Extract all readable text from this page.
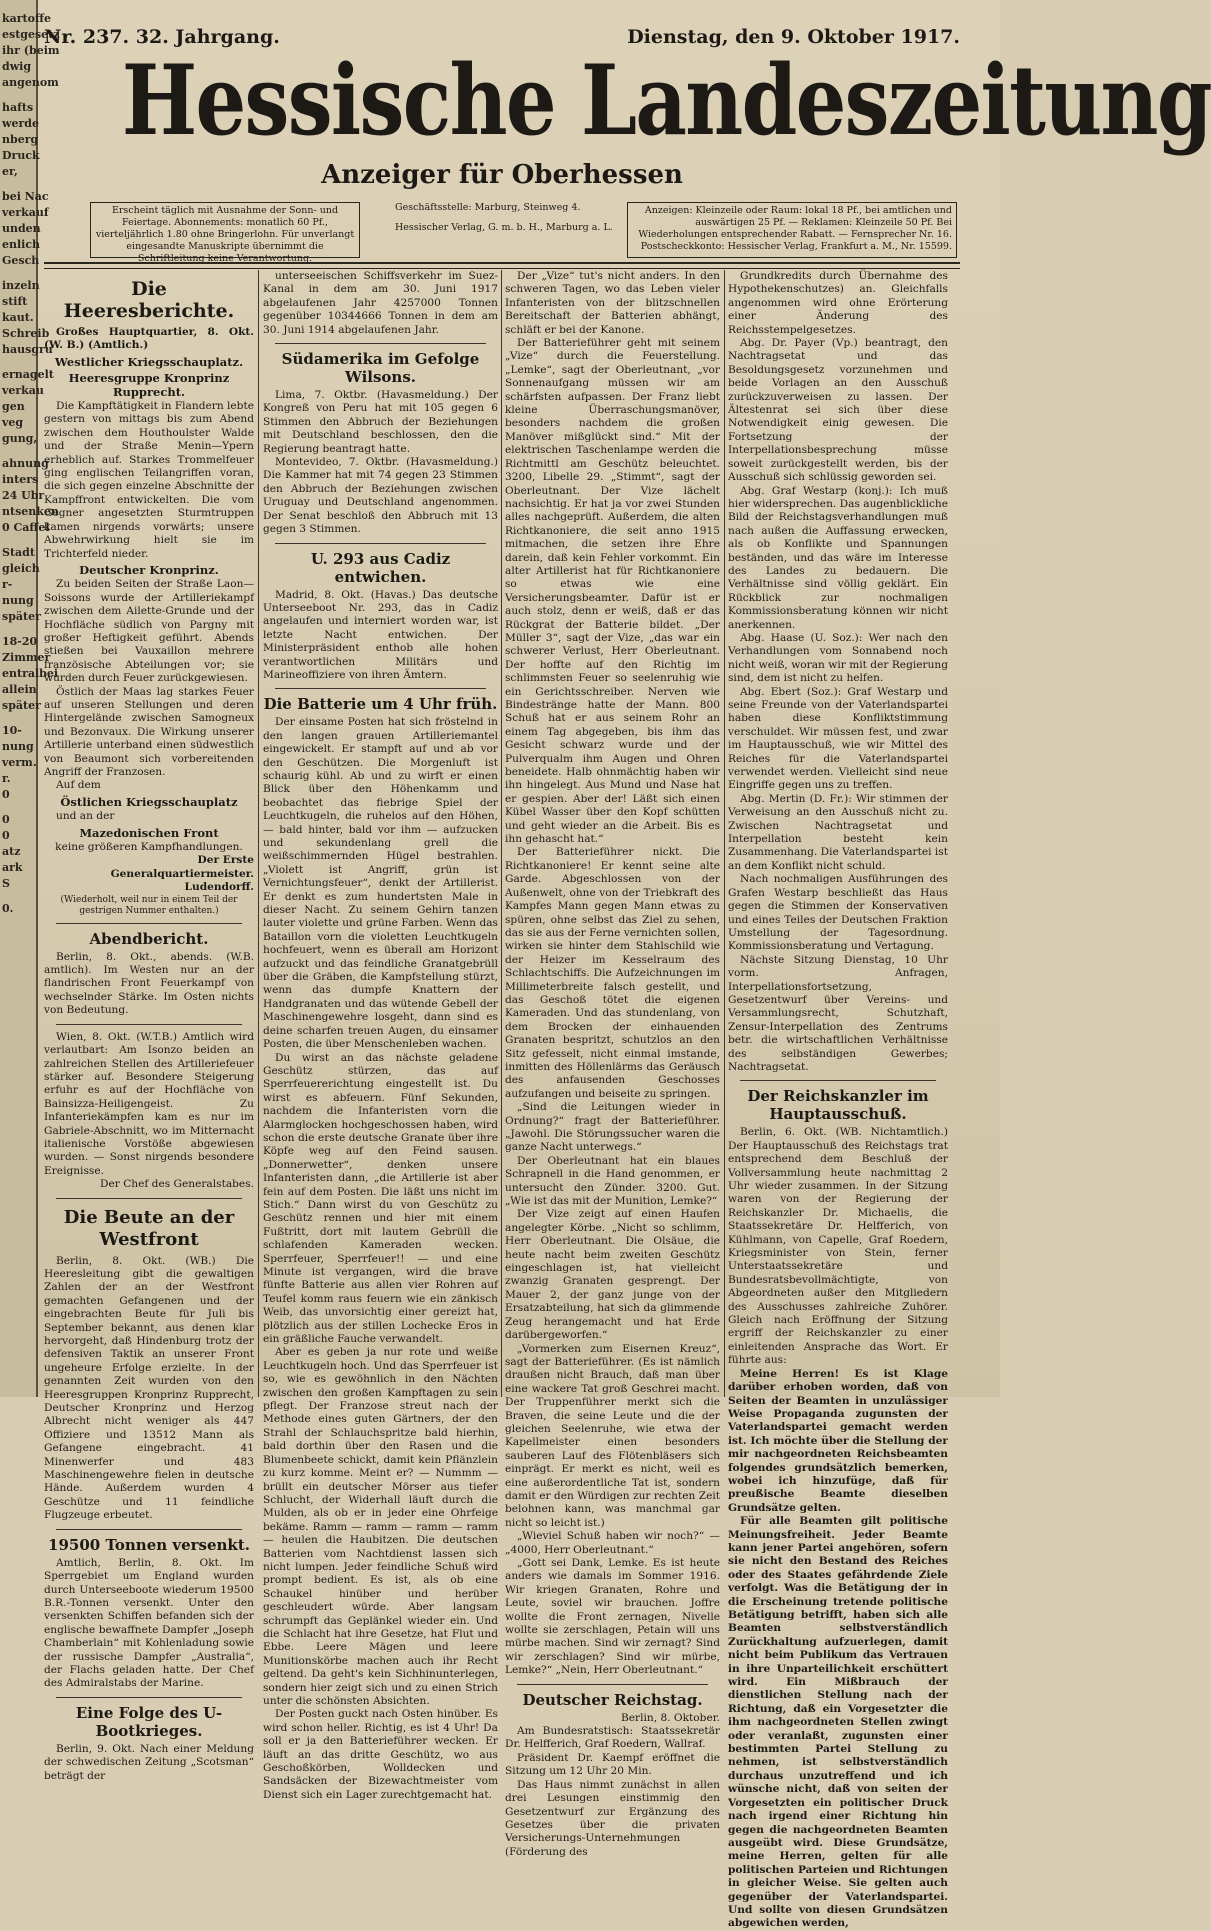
kartoffe
estgesetz
ihr (beim
dwig
angenom
hafts
werde
nberg
Druck
er,
bei Nac
verkauf
unden
enlich
Gesch
inzeln
stift
kaut.
Schreib
hausgru
ernagelt
verkau
gen
veg
gung,
ahnung
inters
24 Ubr
ntsenken
0 Caffel
Stadt
gleich
r-
nung
später
18-20
Zimmer
entralbei
allein
später
10-
nung
verm.
r.
0
0
0
atz
ark
S
0.
Nr. 237. 32. Jahrgang.	Dienstag, den 9. Oktober 1917.
Hessische Landeszeitung
Anzeiger für Oberhessen
Erscheint täglich mit Ausnahme der Sonn- und Feiertage. Abonnements: monatlich 60 Pf., vierteljährlich 1.80 ohne Bringerlohn. Für unverlangt eingesandte Manuskripte übernimmt die Schriftleitung keine Verantwortung.
Geschäftsstelle: Marburg, Steinweg 4.
Hessischer Verlag, G. m. b. H., Marburg a. L.
Anzeigen: Kleinzeile oder Raum: lokal 18 Pf., bei amtlichen und auswärtigen 25 Pf. — Reklamen: Kleinzeile 50 Pf. Bei Wiederholungen entsprechender Rabatt. — Fernsprecher Nr. 16. Postscheckkonto: Hessischer Verlag, Frankfurt a. M., Nr. 15599.
Die Heeresberichte.

Großes Hauptquartier, 8. Okt. (W. B.) (Amtlich.)

Westlicher Kriegsschauplatz.
Heeresgruppe Kronprinz Rupprecht.

Die Kampftätigkeit in Flandern lebte gestern von mittags bis zum Abend zwischen dem Houthoulster Walde und der Straße Menin—Ypern erheblich auf. Starkes Trommelfeuer ging englischen Teilangriffen voran, die sich gegen einzelne Abschnitte der Kampffront entwickelten. Die vom Gegner angesetzten Sturmtruppen kamen nirgends vorwärts; unsere Abwehrwirkung hielt sie im Trichterfeld nieder.

Deutscher Kronprinz.

Zu beiden Seiten der Straße Laon—Soissons wurde der Artilleriekampf zwischen dem Ailette-Grunde und der Hochfläche südlich von Pargny mit großer Heftigkeit geführt. Abends stießen bei Vauxaillon mehrere französische Abteilungen vor; sie wurden durch Feuer zurückgewiesen.

Östlich der Maas lag starkes Feuer auf unseren Stellungen und deren Hintergelände zwischen Samogneux und Bezonvaux. Die Wirkung unserer Artillerie unterband einen südwestlich von Beaumont sich vorbereitenden Angriff der Franzosen.

Auf dem

Östlichen Kriegsschauplatz

und an der

Mazedonischen Front

keine größeren Kampfhandlungen.

Der Erste Generalquartiermeister. Ludendorff.

(Wiederholt, weil nur in einem Teil der gestrigen Nummer enthalten.)

Abendbericht.

Berlin, 8. Okt., abends. (W.B. amtlich). Im Westen nur an der flandrischen Front Feuerkampf von wechselnder Stärke. Im Osten nichts von Bedeutung.

Wien, 8. Okt. (W.T.B.) Amtlich wird verlautbart: Am Isonzo beiden an zahlreichen Stellen des Artilleriefeuer stärker auf. Besondere Steigerung erfuhr es auf der Hochfläche von Bainsizza-Heiligengeist. Zu Infanteriekämpfen kam es nur im Gabriele-Abschnitt, wo im Mitternacht italienische Vorstöße abgewiesen wurden. — Sonst nirgends besondere Ereignisse.

Der Chef des Generalstabes.

Die Beute an der Westfront

Berlin, 8. Okt. (WB.) Die Heeresleitung gibt die gewaltigen Zahlen der an der Westfront gemachten Gefangenen und der eingebrachten Beute für Juli bis September bekannt, aus denen klar hervorgeht, daß Hindenburg trotz der defensiven Taktik an unserer Front ungeheure Erfolge erzielte. In der genannten Zeit wurden von den Heeresgruppen Kronprinz Rupprecht, Deutscher Kronprinz und Herzog Albrecht nicht weniger als 447 Offiziere und 13512 Mann als Gefangene eingebracht. 41 Minenwerfer und 483 Maschinengewehre fielen in deutsche Hände. Außerdem wurden 4 Geschütze und 11 feindliche Flugzeuge erbeutet.

19500 Tonnen versenkt.

Amtlich, Berlin, 8. Okt. Im Sperrgebiet um England wurden durch Unterseeboote wiederum 19500 B.R.-Tonnen versenkt. Unter den versenkten Schiffen befanden sich der englische bewaffnete Dampfer „Joseph Chamberlain“ mit Kohlenladung sowie der russische Dampfer „Australia“, der Flachs geladen hatte. Der Chef des Admiralstabs der Marine.

Eine Folge des U-Bootkrieges.

Berlin, 9. Okt. Nach einer Meldung der schwedischen Zeitung „Scotsman“ beträgt der

unterseeischen Schiffsverkehr im Suez-Kanal in dem am 30. Juni 1917 abgelaufenen Jahr 4257000 Tonnen gegenüber 10344666 Tonnen in dem am 30. Juni 1914 abgelaufenen Jahr.

Südamerika im Gefolge Wilsons.

Lima, 7. Oktbr. (Havasmeldung.) Der Kongreß von Peru hat mit 105 gegen 6 Stimmen den Abbruch der Beziehungen mit Deutschland beschlossen, den die Regierung beantragt hatte.

Montevideo, 7. Oktbr. (Havasmeldung.) Die Kammer hat mit 74 gegen 23 Stimmen den Abbruch der Beziehungen zwischen Uruguay und Deutschland angenommen. Der Senat beschloß den Abbruch mit 13 gegen 3 Stimmen.

U. 293 aus Cadiz entwichen.

Madrid, 8. Okt. (Havas.) Das deutsche Unterseeboot Nr. 293, das in Cadiz angelaufen und interniert worden war, ist letzte Nacht entwichen. Der Ministerpräsident enthob alle hohen verantwortlichen Militärs und Marineoffiziere von ihren Ämtern.

Die Batterie um 4 Uhr früh.

Der einsame Posten hat sich fröstelnd in den langen grauen Artilleriemantel eingewickelt. Er stampft auf und ab vor den Geschützen. Die Morgenluft ist schaurig kühl. Ab und zu wirft er einen Blick über den Höhenkamm und beobachtet das fiebrige Spiel der Leuchtkugeln, die ruhelos auf den Höhen, — bald hinter, bald vor ihm — aufzucken und sekundenlang grell die weißschimmernden Hügel bestrahlen. „Violett ist Angriff, grün ist Vernichtungsfeuer“, denkt der Artillerist. Er denkt es zum hundertsten Male in dieser Nacht. Zu seinem Gehirn tanzen lauter violette und grüne Farben. Wenn das Bataillon vorn die violetten Leuchtkugeln hochfeuert, wenn es überall am Horizont aufzuckt und das feindliche Granatgebrüll über die Gräben, die Kampfstellung stürzt, wenn das dumpfe Knattern der Handgranaten und das wütende Gebell der Maschinengewehre losgeht, dann sind es deine scharfen treuen Augen, du einsamer Posten, die über Menschenleben wachen.

Du wirst an das nächste geladene Geschütz stürzen, das auf Sperrfeuererichtung eingestellt ist. Du wirst es abfeuern. Fünf Sekunden, nachdem die Infanteristen vorn die Alarmglocken hochgeschossen haben, wird schon die erste deutsche Granate über ihre Köpfe weg auf den Feind sausen. „Donnerwetter“, denken unsere Infanteristen dann, „die Artillerie ist aber fein auf dem Posten. Die läßt uns nicht im Stich.“ Dann wirst du von Geschütz zu Geschütz rennen und hier mit einem Fußtritt, dort mit lautem Gebrüll die schlafenden Kameraden wecken. Sperrfeuer, Sperrfeuer!! — und eine Minute ist vergangen, wird die brave fünfte Batterie aus allen vier Rohren auf Teufel komm raus feuern wie ein zänkisch Weib, das unvorsichtig einer gereizt hat, plötzlich aus der stillen Lochecke Eros in ein gräßliche Fauche verwandelt.

Aber es geben ja nur rote und weiße Leuchtkugeln hoch. Und das Sperrfeuer ist so, wie es gewöhnlich in den Nächten zwischen den großen Kampftagen zu sein pflegt. Der Franzose streut nach der Methode eines guten Gärtners, der den Strahl der Schlauchspritze bald hierhin, bald dorthin über den Rasen und die Blumenbeete schickt, damit kein Pflänzlein zu kurz komme. Meint er? — Nummm — brüllt ein deutscher Mörser aus tiefer Schlucht, der Widerhall läuft durch die Mulden, als ob er in jeder eine Ohrfeige bekäme. Ramm — ramm — ramm — ramm — heulen die Haubitzen. Die deutschen Batterien vom Nachtdienst lassen sich nicht lumpen. Jeder feindliche Schuß wird prompt bedient. Es ist, als ob eine Schaukel hinüber und herüber geschleudert würde. Aber langsam schrumpft das Geplänkel wieder ein. Und die Schlacht hat ihre Gesetze, hat Flut und Ebbe. Leere Mägen und leere Munitionskörbe machen auch ihr Recht geltend. Da geht's kein Sichhinunterlegen, sondern hier zeigt sich und zu einen Strich unter die schönsten Absichten.

Der Posten guckt nach Osten hinüber. Es wird schon heller. Richtig, es ist 4 Uhr! Da soll er ja den Batterieführer wecken. Er läuft an das dritte Geschütz, wo aus Geschoßkörben, Wolldecken und Sandsäcken der Bizewachtmeister vom Dienst sich ein Lager zurechtgemacht hat.

Der „Vize“ tut's nicht anders. In den schweren Tagen, wo das Leben vieler Infanteristen von der blitzschnellen Bereitschaft der Batterien abhängt, schläft er bei der Kanone.

Der Batterieführer geht mit seinem „Vize“ durch die Feuerstellung. „Lemke“, sagt der Oberleutnant, „vor Sonnenaufgang müssen wir am schärfsten aufpassen. Der Franz liebt kleine Überraschungsmanöver, besonders nachdem die großen Manöver mißglückt sind.“ Mit der elektrischen Taschenlampe werden die Richtmittl am Geschütz beleuchtet. 3200, Libelle 29. „Stimmt“, sagt der Oberleutnant. Der Vize lächelt nachsichtig. Er hat ja vor zwei Stunden alles nachgeprüft. Außerdem, die alten Richtkanoniere, die seit anno 1915 mitmachen, die setzen ihre Ehre darein, daß kein Fehler vorkommt. Ein alter Artillerist hat für Richtkanoniere so etwas wie eine Versicherungsbeamter. Dafür ist er auch stolz, denn er weiß, daß er das Rückgrat der Batterie bildet. „Der Müller 3“, sagt der Vize, „das war ein schwerer Verlust, Herr Oberleutnant. Der hoffte auf den Richtig im schlimmsten Feuer so seelenruhig wie ein Gerichtsschreiber. Nerven wie Bindestränge hatte der Mann. 800 Schuß hat er aus seinem Rohr an einem Tag abgegeben, bis ihm das Gesicht schwarz wurde und der Pulverqualm ihm Augen und Ohren beneidete. Halb ohnmächtig haben wir ihn hingelegt. Aus Mund und Nase hat er gespien. Aber der! Läßt sich einen Kübel Wasser über den Kopf schütten und geht wieder an die Arbeit. Bis es ihn gehascht hat.“

Der Batterieführer nickt. Die Richtkanoniere! Er kennt seine alte Garde. Abgeschlossen von der Außenwelt, ohne von der Triebkraft des Kampfes Mann gegen Mann etwas zu spüren, ohne selbst das Ziel zu sehen, das sie aus der Ferne vernichten sollen, wirken sie hinter dem Stahlschild wie der Heizer im Kesselraum des Schlachtschiffs. Die Aufzeichnungen im Millimeterbreite falsch gestellt, und das Geschoß tötet die eigenen Kameraden. Und das stundenlang, von dem Brocken der einhauenden Granaten bespritzt, schutzlos an den Sitz gefesselt, nicht einmal imstande, inmitten des Höllenlärms das Geräusch des anfausenden Geschosses aufzufangen und beiseite zu springen.

„Sind die Leitungen wieder in Ordnung?“ fragt der Batterieführer. „Jawohl. Die Störungssucher waren die ganze Nacht unterwegs.“

Der Oberleutnant hat ein blaues Schrapnell in die Hand genommen, er untersucht den Zünder. 3200. Gut. „Wie ist das mit der Munition, Lemke?“

Der Vize zeigt auf einen Haufen angelegter Körbe. „Nicht so schlimm, Herr Oberleutnant. Die Olsäue, die heute nacht beim zweiten Geschütz eingeschlagen ist, hat vielleicht zwanzig Granaten gesprengt. Der Mauer 2, der ganz junge von der Ersatzabteilung, hat sich da glimmende Zeug herangemacht und hat Erde darübergeworfen.“

„Vormerken zum Eisernen Kreuz“, sagt der Batterieführer. (Es ist nämlich draußen nicht Brauch, daß man über eine wackere Tat groß Geschrei macht. Der Truppenführer merkt sich die Braven, die seine Leute und die der gleichen Seelenruhe, wie etwa der Kapellmeister einen besonders sauberen Lauf des Flötenbläsers sich einprägt. Er merkt es nicht, weil es eine außerordentliche Tat ist, sondern damit er den Würdigen zur rechten Zeit belohnen kann, was manchmal gar nicht so leicht ist.)

„Wieviel Schuß haben wir noch?“ — „4000, Herr Oberleutnant.“

„Gott sei Dank, Lemke. Es ist heute anders wie damals im Sommer 1916. Wir kriegen Granaten, Rohre und Leute, soviel wir brauchen. Joffre wollte die Front zernagen, Nivelle wollte sie zerschlagen, Petain will uns mürbe machen. Sind wir zernagt? Sind wir zerschlagen? Sind wir mürbe, Lemke?“ „Nein, Herr Oberleutnant.“

Deutscher Reichstag.

Berlin, 8. Oktober.

Am Bundesratstisch: Staatssekretär Dr. Helfferich, Graf Roedern, Wallraf.

Präsident Dr. Kaempf eröffnet die Sitzung um 12 Uhr 20 Min.

Das Haus nimmt zunächst in allen drei Lesungen einstimmig den Gesetzentwurf zur Ergänzung des Gesetzes über die privaten Versicherungs-Unternehmungen (Förderung des

Grundkredits durch Übernahme des Hypothekenschutzes) an. Gleichfalls angenommen wird ohne Erörterung einer Änderung des Reichsstempelgesetzes.

Abg. Dr. Payer (Vp.) beantragt, den Nachtragsetat und das Besoldungsgesetz vorzunehmen und beide Vorlagen an den Ausschuß zurückzuverweisen zu lassen. Der Ältestenrat sei sich über diese Notwendigkeit einig gewesen. Die Fortsetzung der Interpellationsbesprechung müsse soweit zurückgestellt werden, bis der Ausschuß sich schlüssig geworden sei.

Abg. Graf Westarp (konj.): Ich muß hier widersprechen. Das augenblickliche Bild der Reichstagsverhandlungen muß nach außen die Auffassung erwecken, als ob Konflikte und Spannungen beständen, und das wäre im Interesse des Landes zu bedauern. Die Verhältnisse sind völlig geklärt. Ein Rückblick zur nochmaligen Kommissionsberatung können wir nicht anerkennen.

Abg. Haase (U. Soz.): Wer nach den Verhandlungen vom Sonnabend noch nicht weiß, woran wir mit der Regierung sind, dem ist nicht zu helfen.

Abg. Ebert (Soz.): Graf Westarp und seine Freunde von der Vaterlandspartei haben diese Konfliktstimmung verschuldet. Wir müssen fest, und zwar im Hauptausschuß, wie wir Mittel des Reiches für die Vaterlandspartei verwendet werden. Vielleicht sind neue Eingriffe gegen uns zu treffen.

Abg. Mertin (D. Fr.): Wir stimmen der Verweisung an den Ausschuß nicht zu. Zwischen Nachtragsetat und Interpellation besteht kein Zusammenhang. Die Vaterlandspartei ist an dem Konflikt nicht schuld.

Nach nochmaligen Ausführungen des Grafen Westarp beschließt das Haus gegen die Stimmen der Konservativen und eines Teiles der Deutschen Fraktion Umstellung der Tagesordnung. Kommissionsberatung und Vertagung.

Nächste Sitzung Dienstag, 10 Uhr vorm. Anfragen, Interpellationsfortsetzung, Gesetzentwurf über Vereins- und Versammlungsrecht, Schutzhaft, Zensur-Interpellation des Zentrums betr. die wirtschaftlichen Verhältnisse des selbständigen Gewerbes; Nachtragsetat.

Der Reichskanzler im Hauptausschuß.

Berlin, 6. Okt. (WB. Nichtamtlich.) Der Hauptausschuß des Reichstags trat entsprechend dem Beschluß der Vollversammlung heute nachmittag 2 Uhr wieder zusammen. In der Sitzung waren von der Regierung der Reichskanzler Dr. Michaelis, die Staatssekretäre Dr. Helfferich, von Kühlmann, von Capelle, Graf Roedern, Kriegsminister von Stein, ferner Unterstaatssekretäre und Bundesratsbevollmächtigte, von Abgeordneten außer den Mitgliedern des Ausschusses zahlreiche Zuhörer. Gleich nach Eröffnung der Sitzung ergriff der Reichskanzler zu einer einleitenden Ansprache das Wort. Er führte aus:

Meine Herren! Es ist Klage darüber erhoben worden, daß von Seiten der Beamten in unzulässiger Weise Propaganda zugunsten der Vaterlandspartei gemacht werden ist. Ich möchte über die Stellung der mir nachgeordneten Reichsbeamten folgendes grundsätzlich bemerken, wobei ich hinzufüge, daß für preußische Beamte dieselben Grundsätze gelten.

Für alle Beamten gilt politische Meinungsfreiheit. Jeder Beamte kann jener Partei angehören, sofern sie nicht den Bestand des Reiches oder des Staates gefährdende Ziele verfolgt. Was die Betätigung der in die Erscheinung tretende politische Betätigung betrifft, haben sich alle Beamten selbstverständlich Zurückhaltung aufzuerlegen, damit nicht beim Publikum das Vertrauen in ihre Unparteilichkeit erschüttert wird. Ein Mißbrauch der dienstlichen Stellung nach der Richtung, daß ein Vorgesetzter die ihm nachgeordneten Stellen zwingt oder veranlaßt, zugunsten einer bestimmten Partei Stellung zu nehmen, ist selbstverständlich durchaus unzutreffend und ich wünsche nicht, daß von seiten der Vorgesetzten ein politischer Druck nach irgend einer Richtung hin gegen die nachgeordneten Beamten ausgeübt wird. Diese Grundsätze, meine Herren, gelten für alle politischen Parteien und Richtungen in gleicher Weise. Sie gelten auch gegenüber der Vaterlandspartei. Und sollte von diesen Grundsätzen abgewichen werden,
